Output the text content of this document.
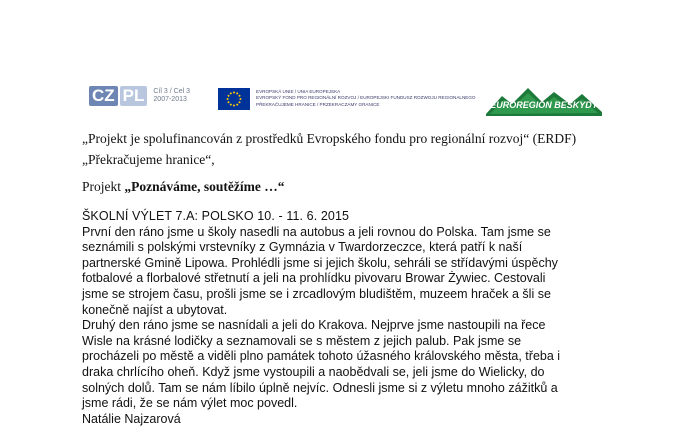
CZ PL	Cíl 3 / Cel 3
2007-2013
EVROPSKÁ UNIE / UNIA EUROPEJSKA
EVROPSKÝ FOND PRO REGIONÁLNÍ ROZVOJ / EUROPEJSKI FUNDUSZ ROZWOJU REGIONALNEGO
PŘEKRAČUJEME HRANICE / PRZEKRACZAMY GRANICE	EUROREGION BESKYDY
„Projekt je spolufinancován z prostředků Evropského fondu pro regionální rozvoj“ (ERDF)
„Překračujeme hranice“,
Projekt „Poznáváme, soutěžíme …“

ŠKOLNÍ VÝLET 7.A: POLSKO 10. - 11. 6. 2015

První den ráno jsme u školy nasedli na autobus a jeli rovnou do Polska. Tam jsme se

seznámili s polskými vrstevníky z Gymnázia v Twardorzeczce, která patří k naší

partnerské Gmině Lipowa. Prohlédli jsme si jejich školu, sehráli se střídavými úspěchy

fotbalové a florbalové střetnutí a jeli na prohlídku pivovaru Browar Żywiec. Cestovali

jsme se strojem času, prošli jsme se i zrcadlovým bludištěm, muzeem hraček a šli se

konečně najíst a ubytovat.

Druhý den ráno jsme se nasnídali a jeli do Krakova. Nejprve jsme nastoupili na řece

Wisle na krásné lodičky a seznamovali se s městem z jejich palub. Pak jsme se

procházeli po městě a viděli plno památek tohoto úžasného královského města, třeba i

draka chrlícího oheň. Když jsme vystoupili a naobědvali se, jeli jsme do Wielicky, do

solných dolů. Tam se nám líbilo úplně nejvíc. Odnesli jsme si z výletu mnoho zážitků a

jsme rádi, že se nám výlet moc povedl.

Natálie Najzarová
